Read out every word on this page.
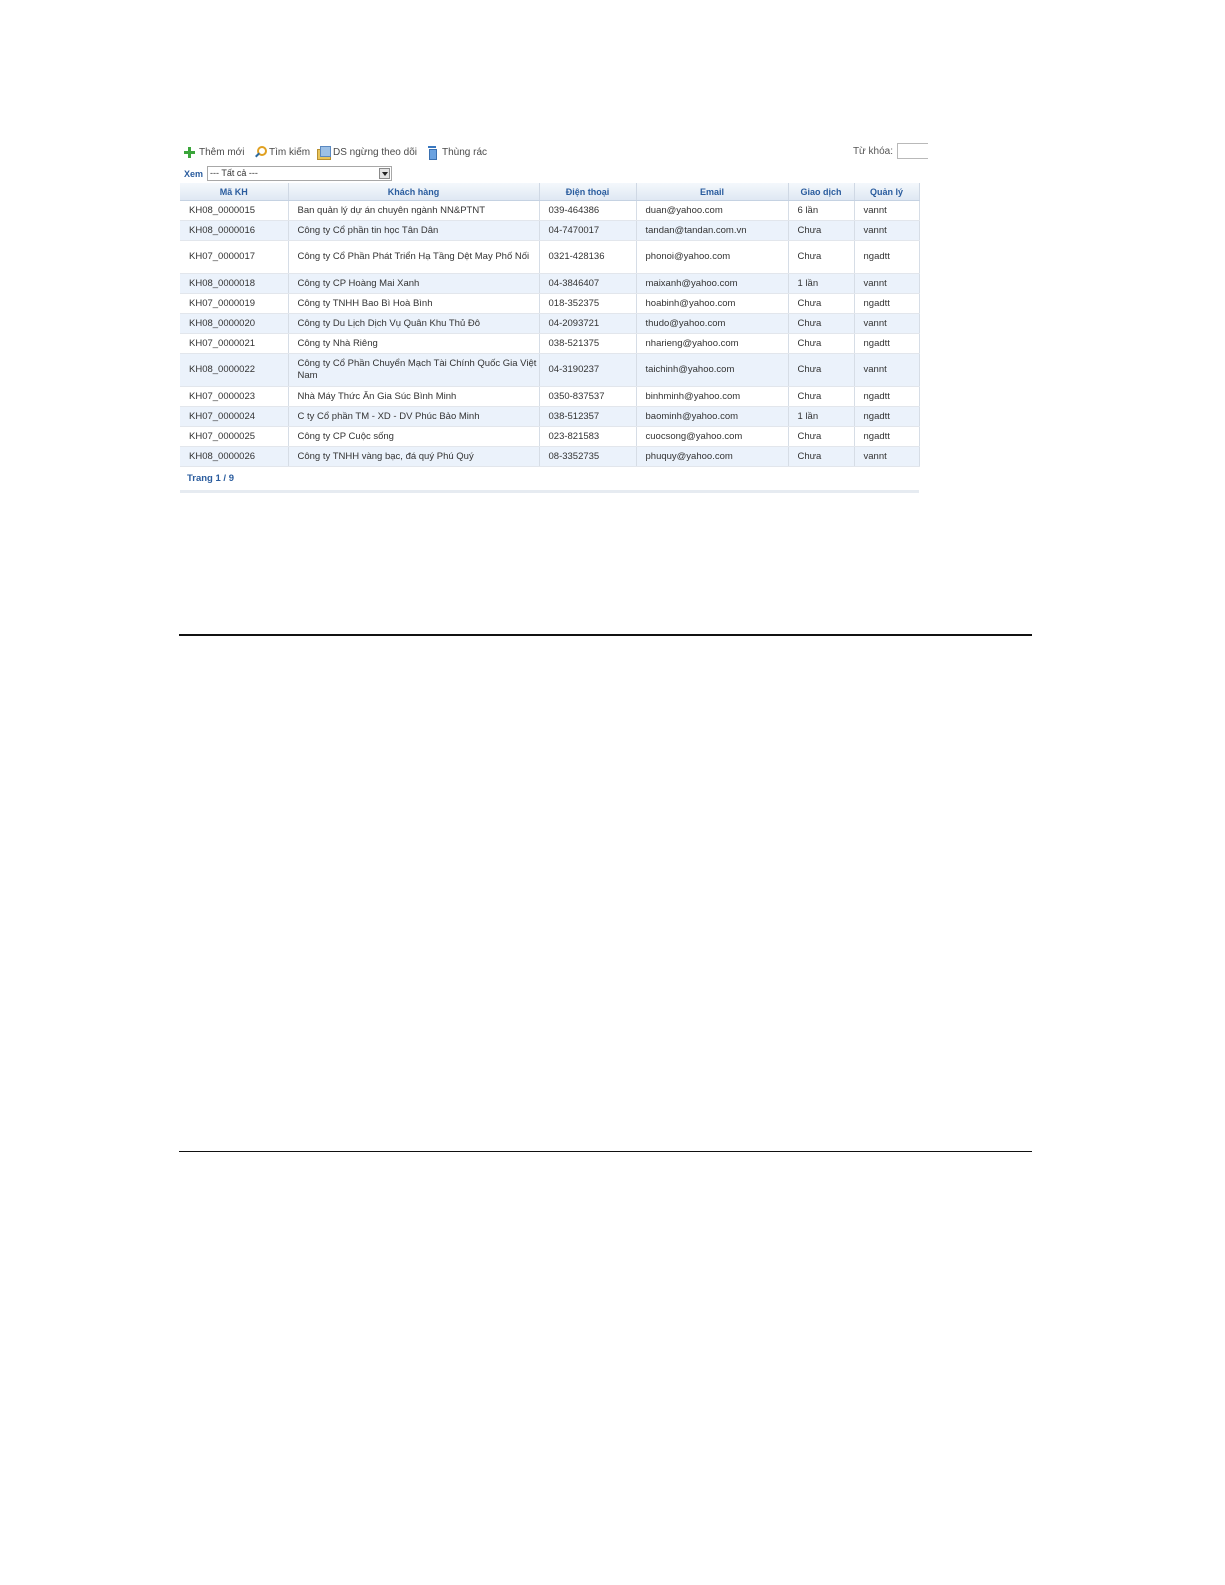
Thêm mới Tìm kiếm DS ngừng theo dõi	Thùng rác	Từ khóa:
Xem --- Tất cả ---
Mã KH	Khách hàng	Điện thoại	Email	Giao dịch	Quản lý
KH08_0000015	Ban quản lý dự án chuyên ngành NN&PTNT	039-464386	duan@yahoo.com	6 lần	vannt
KH08_0000016	Công ty Cổ phần tin học Tân Dân	04-7470017	tandan@tandan.com.vn	Chưa	vannt
KH07_0000017	Công ty Cổ Phần Phát Triển Hạ Tầng Dệt May Phố Nối	0321-428136	phonoi@yahoo.com	Chưa	ngadtt
KH08_0000018	Công ty CP Hoàng Mai Xanh	04-3846407	maixanh@yahoo.com	1 lần	vannt
KH07_0000019	Công ty TNHH Bao Bì Hoà Bình	018-352375	hoabinh@yahoo.com	Chưa	ngadtt
KH08_0000020	Công ty Du Lịch Dịch Vụ Quân Khu Thủ Đô	04-2093721	thudo@yahoo.com	Chưa	vannt
KH07_0000021	Công ty Nhà Riêng	038-521375	nharieng@yahoo.com	Chưa	ngadtt
KH08_0000022	Công ty Cổ Phần Chuyển Mạch Tài Chính Quốc Gia Việt Nam	04-3190237	taichinh@yahoo.com	Chưa	vannt
KH07_0000023	Nhà Máy Thức Ăn Gia Súc Bình Minh	0350-837537	binhminh@yahoo.com	Chưa	ngadtt
KH07_0000024	C ty Cổ phần TM - XD - DV Phúc Bảo Minh	038-512357	baominh@yahoo.com	1 lần	ngadtt
KH07_0000025	Công ty CP Cuộc sống	023-821583	cuocsong@yahoo.com	Chưa	ngadtt
KH08_0000026	Công ty TNHH vàng bạc, đá quý Phú Quý	08-3352735	phuquy@yahoo.com	Chưa	vannt
Trang 1 / 9
